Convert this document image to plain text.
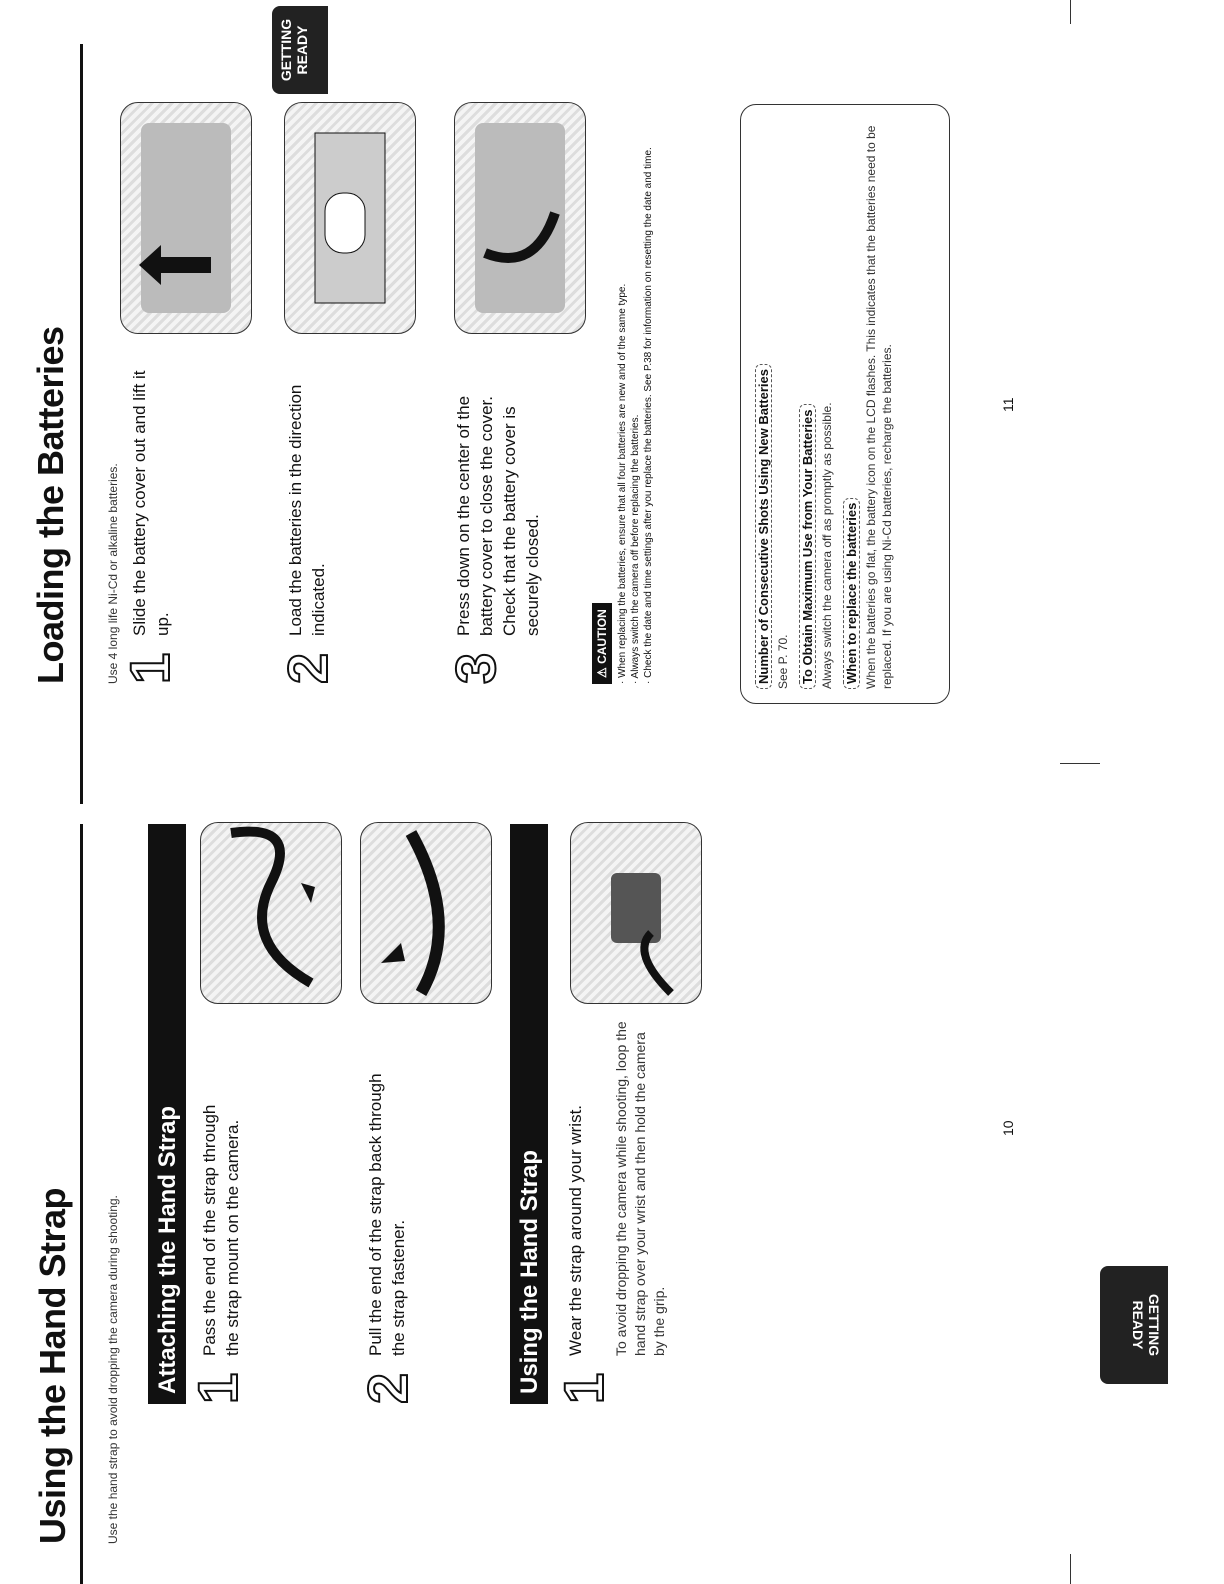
Using the Hand Strap	Use the hand strap to avoid dropping the camera during shooting.	GETTING
READY
Attaching the Hand Strap 1
Pass the end of the strap through the strap mount on the camera.
2
Pull the end of the strap back through the strap fastener.	Using the Hand Strap 1
Wear the strap around your wrist. To avoid dropping the camera while shooting, loop the hand strap over your wrist and then hold the camera by the grip.
10
Loading the Batteries	Use 4 long life Ni-Cd or alkaline batteries.
GETTING
READY
1
Slide the battery cover out and lift it up.
2
Load the batteries in the direction indicated.
3
Press down on the center of the battery cover to close the cover. Check that the battery cover is securely closed.
⚠ CAUTION
· When replacing the batteries, ensure that all four batteries are new and of the same type.
· Always switch the camera off before replacing the batteries.
· Check the date and time settings after you replace the batteries. See P.38 for information on resetting the date and time.	Number of Consecutive Shots Using New Batteries See P. 70. To Obtain Maximum Use from Your Batteries Always switch the camera off as promptly as possible. When to replace the batteries When the batteries go flat, the battery icon on the LCD flashes. This indicates that the batteries need to be replaced. If you are using Ni-Cd batteries, recharge the batteries.	11
